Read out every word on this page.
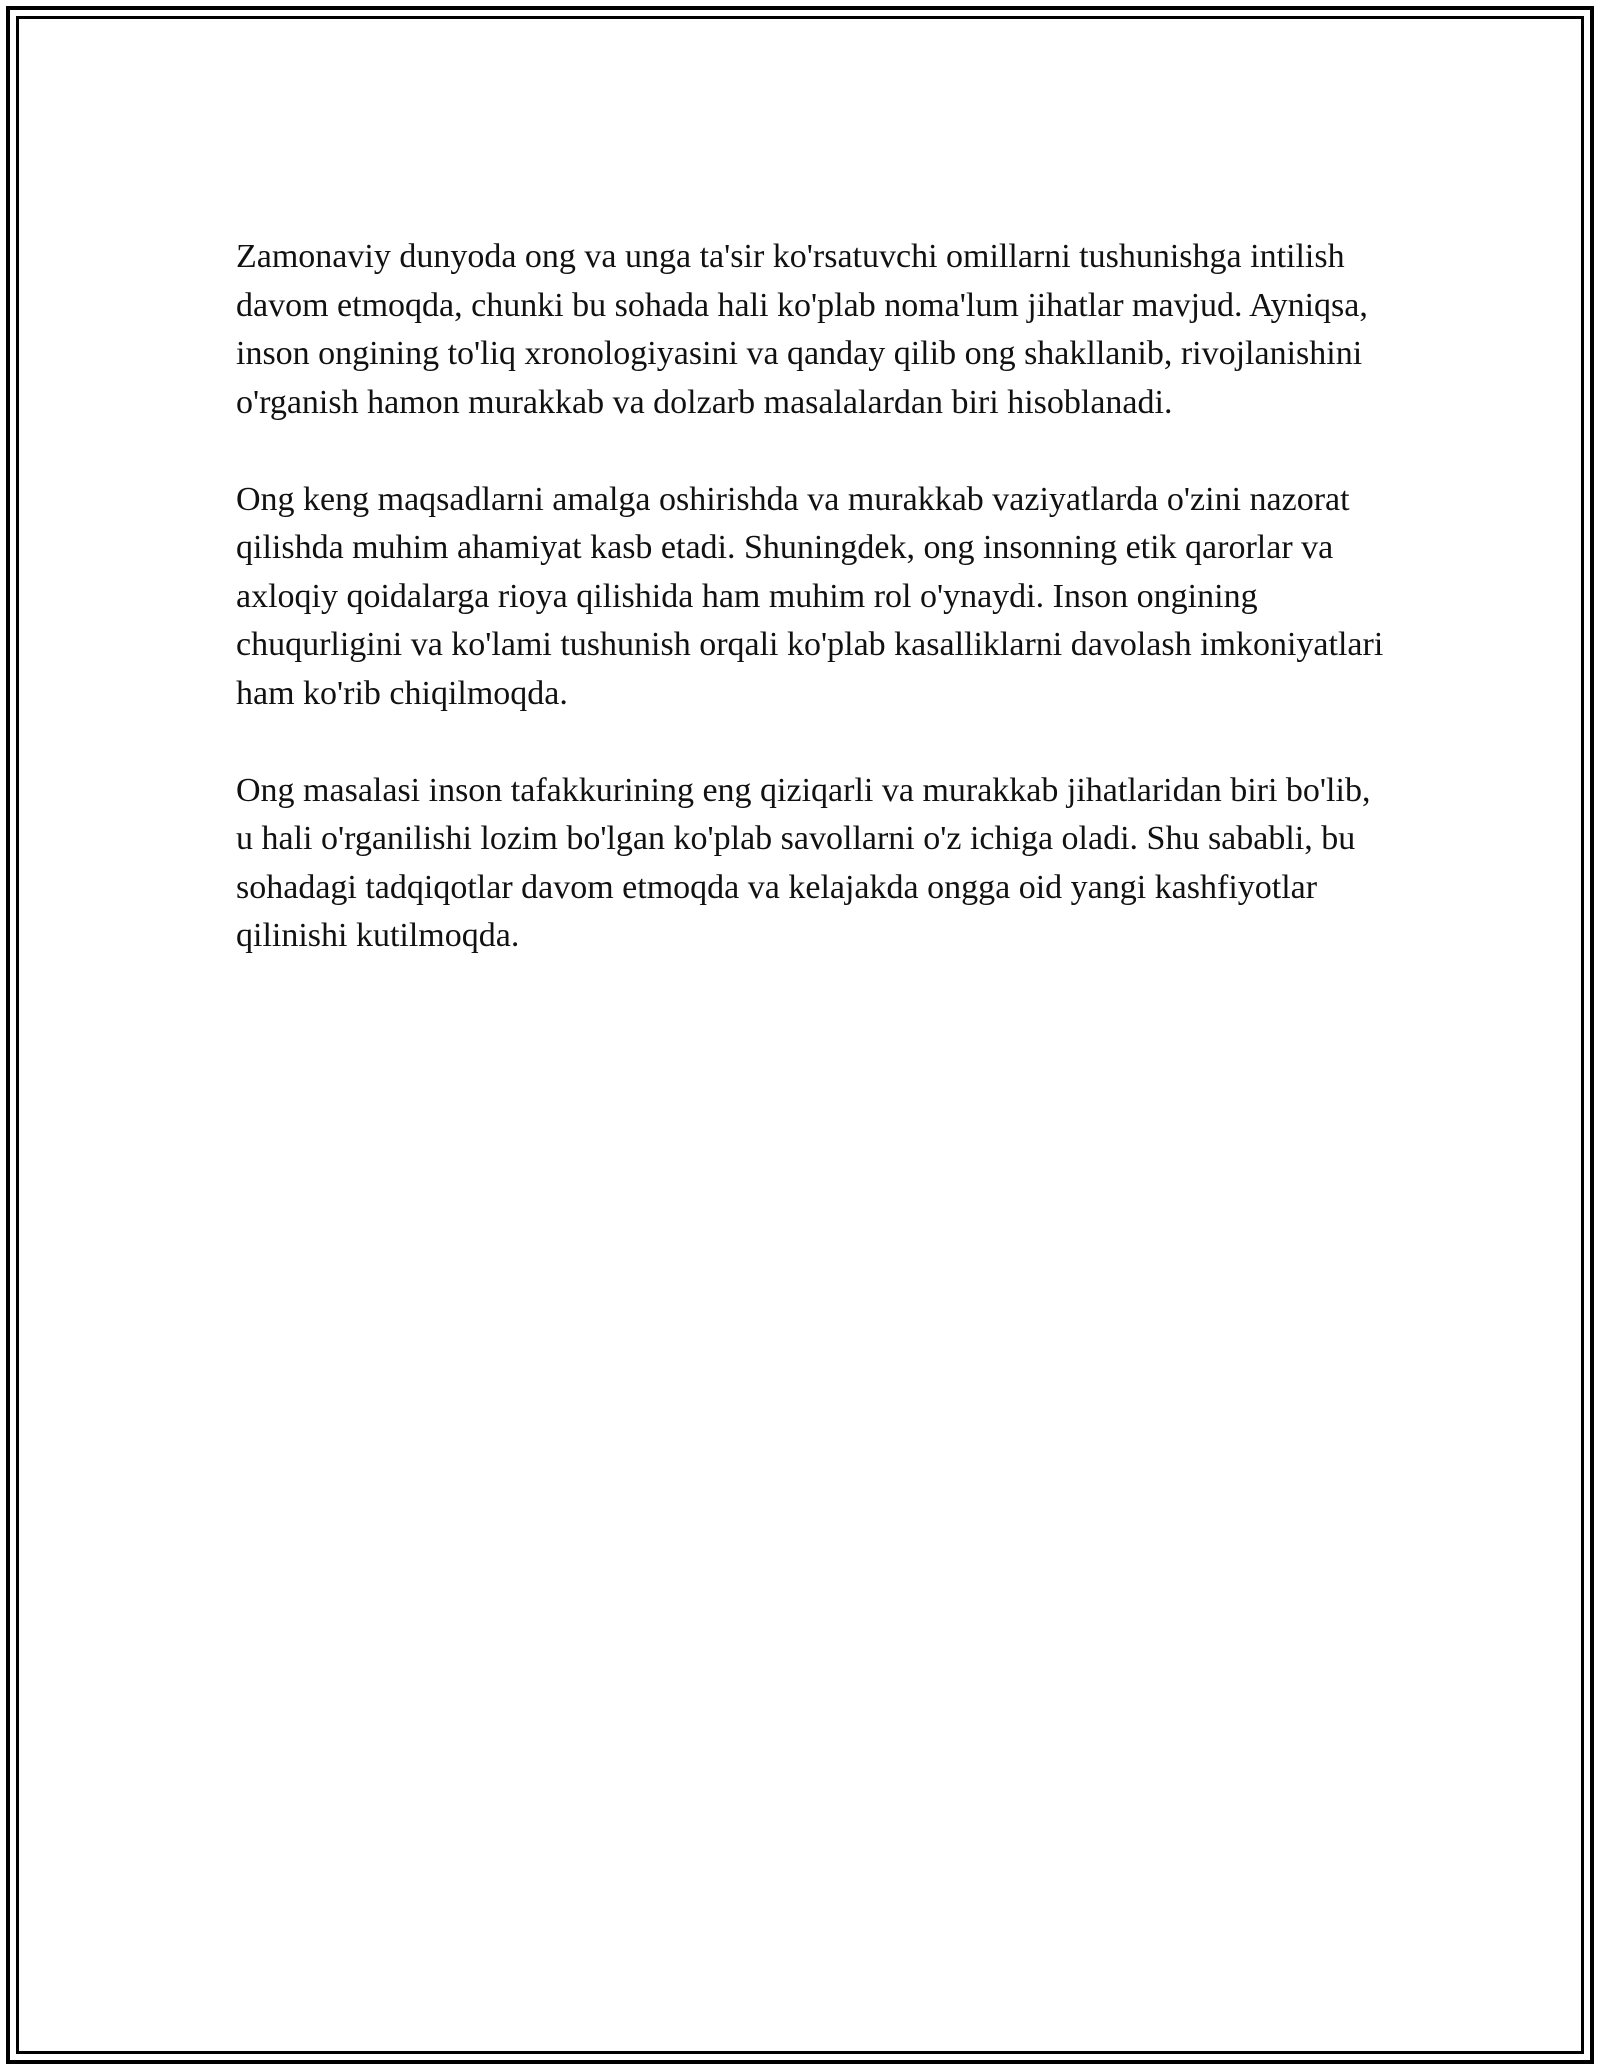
Zamonaviy dunyoda ong va unga ta'sir ko'rsatuvchi omillarni tushunishga intilish davom etmoqda, chunki bu sohada hali ko'plab noma'lum jihatlar mavjud. Ayniqsa, inson ongining to'liq xronologiyasini va qanday qilib ong shakllanib, rivojlanishini o'rganish hamon murakkab va dolzarb masalalardan biri hisoblanadi.

Ong keng maqsadlarni amalga oshirishda va murakkab vaziyatlarda o'zini nazorat qilishda muhim ahamiyat kasb etadi. Shuningdek, ong insonning etik qarorlar va axloqiy qoidalarga rioya qilishida ham muhim rol o'ynaydi. Inson ongining chuqurligini va ko'lami tushunish orqali ko'plab kasalliklarni davolash imkoniyatlari ham ko'rib chiqilmoqda.

Ong masalasi inson tafakkurining eng qiziqarli va murakkab jihatlaridan biri bo'lib, u hali o'rganilishi lozim bo'lgan ko'plab savollarni o'z ichiga oladi. Shu sababli, bu sohadagi tadqiqotlar davom etmoqda va kelajakda ongga oid yangi kashfiyotlar qilinishi kutilmoqda.
